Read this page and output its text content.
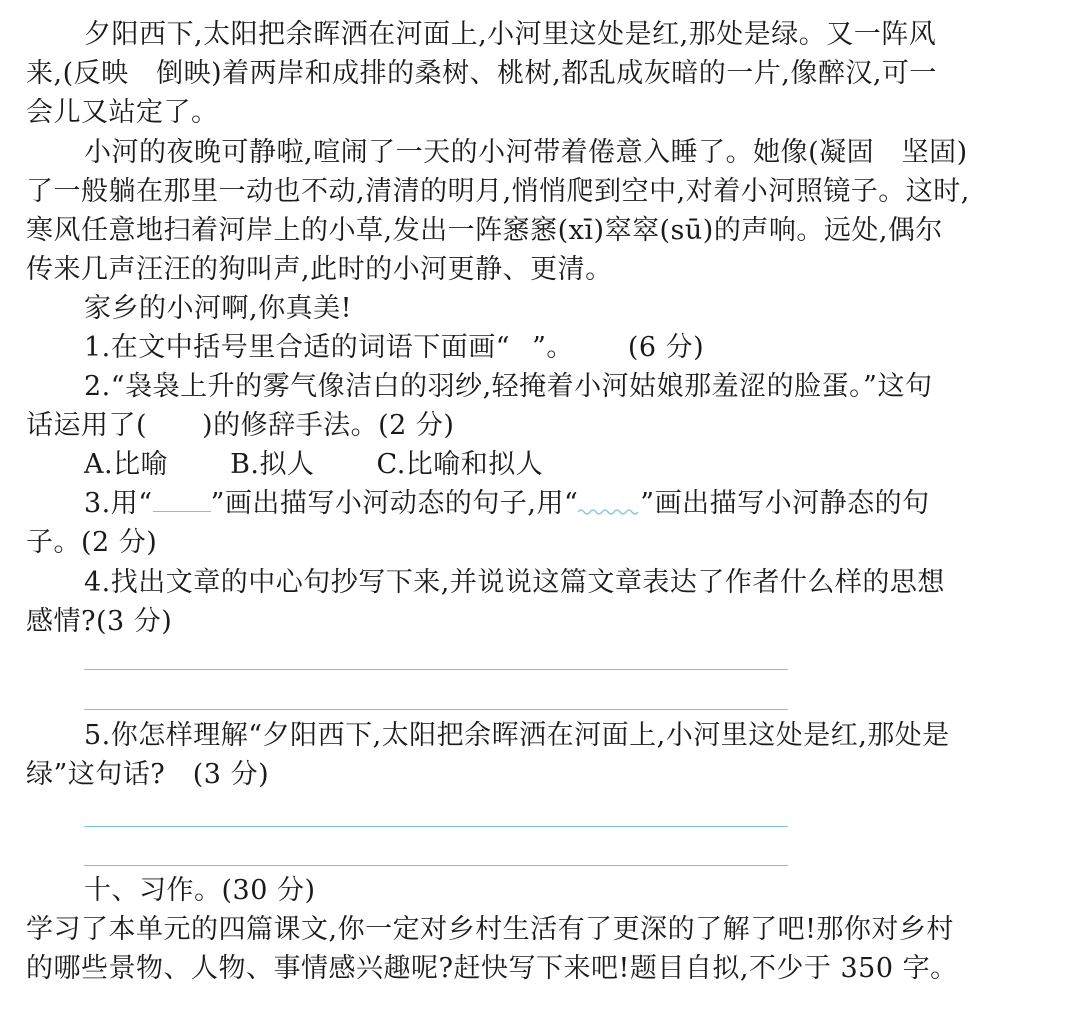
夕阳西下,太阳把余晖洒在河面上,小河里这处是红,那处是绿。又一阵风
来,(反映　倒映)着两岸和成排的桑树、桃树,都乱成灰暗的一片,像醉汉,可一
会儿又站定了。
小河的夜晚可静啦,喧闹了一天的小河带着倦意入睡了。她像(凝固　坚固)
了一般躺在那里一动也不动,清清的明月,悄悄爬到空中,对着小河照镜子。这时,
寒风任意地扫着河岸上的小草,发出一阵窸窸(xī)窣窣(sū)的声响。远处,偶尔
传来几声汪汪的狗叫声,此时的小河更静、更清。
家乡的小河啊,你真美!
1.在文中括号里合适的词语下面画“ ”。 (6 分)
2.“袅袅上升的雾气像洁白的羽纱,轻掩着小河姑娘那羞涩的脸蛋。”这句
话运用了(　　)的修辞手法。(2 分)
A.比喻 B.拟人 C.比喻和拟人
3.用“ ”画出描写小河动态的句子,用“ ”画出描写小河静态的句
子。(2 分)
4.找出文章的中心句抄写下来,并说说这篇文章表达了作者什么样的思想
感情?(3 分)
5.你怎样理解“夕阳西下,太阳把余晖洒在河面上,小河里这处是红,那处是
绿”这句话?　(3 分)
十、习作。(30 分)
学习了本单元的四篇课文,你一定对乡村生活有了更深的了解了吧!那你对乡村
的哪些景物、人物、事情感兴趣呢?赶快写下来吧!题目自拟,不少于 350 字。
